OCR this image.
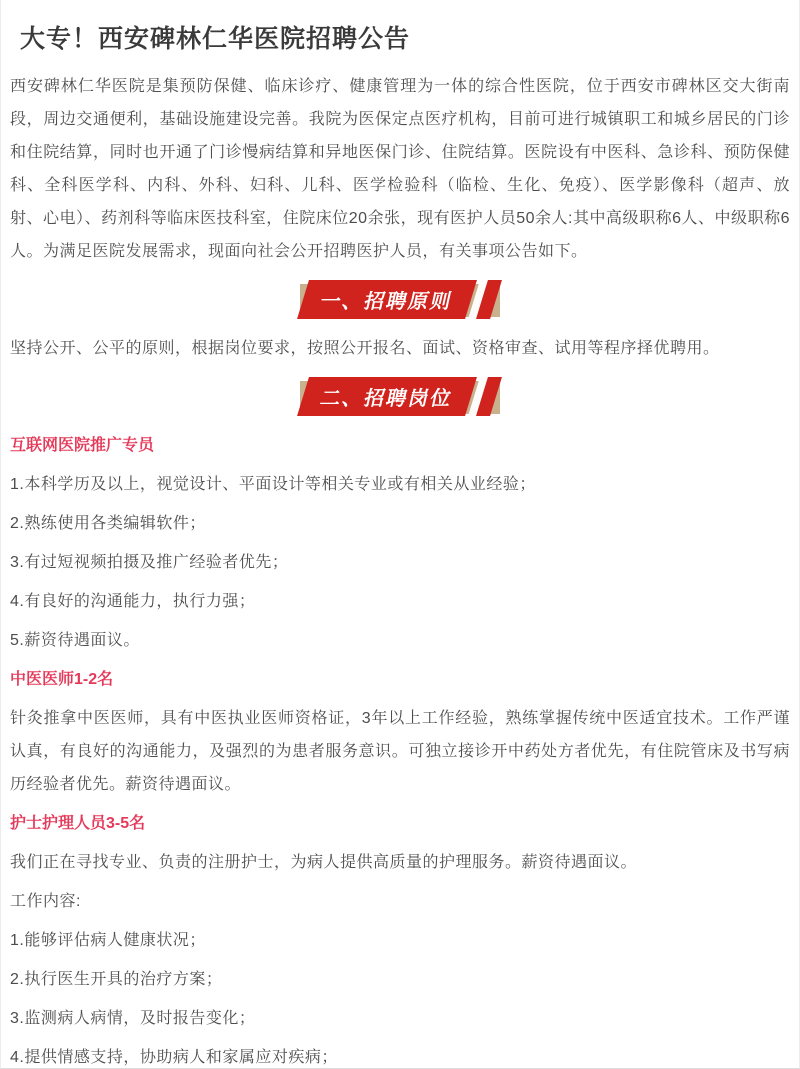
大专！西安碑林仁华医院招聘公告

西安碑林仁华医院是集预防保健、临床诊疗、健康管理为一体的综合性医院，位于西安市碑林区交大街南段，周边交通便利，基础设施建设完善。我院为医保定点医疗机构，目前可进行城镇职工和城乡居民的门诊和住院结算，同时也开通了门诊慢病结算和异地医保门诊、住院结算。医院设有中医科、急诊科、预防保健科、全科医学科、内科、外科、妇科、儿科、医学检验科（临检、生化、免疫）、医学影像科（超声、放射、心电）、药剂科等临床医技科室，住院床位20余张，现有医护人员50余人:其中高级职称6人、中级职称6人。为满足医院发展需求，现面向社会公开招聘医护人员，有关事项公告如下。

一、招聘原则

坚持公开、公平的原则，根据岗位要求，按照公开报名、面试、资格审查、试用等程序择优聘用。

二、招聘岗位
互联网医院推广专员

1.本科学历及以上，视觉设计、平面设计等相关专业或有相关从业经验；

2.熟练使用各类编辑软件；

3.有过短视频拍摄及推广经验者优先；

4.有良好的沟通能力，执行力强；

5.薪资待遇面议。

中医医师1-2名

针灸推拿中医医师，具有中医执业医师资格证，3年以上工作经验，熟练掌握传统中医适宜技术。工作严谨认真，有良好的沟通能力，及强烈的为患者服务意识。可独立接诊开中药处方者优先，有住院管床及书写病历经验者优先。薪资待遇面议。

护士护理人员3-5名

我们正在寻找专业、负责的注册护士，为病人提供高质量的护理服务。薪资待遇面议。

工作内容:

1.能够评估病人健康状况；

2.执行医生开具的治疗方案；

3.监测病人病情，及时报告变化；

4.提供情感支持，协助病人和家属应对疾病；
